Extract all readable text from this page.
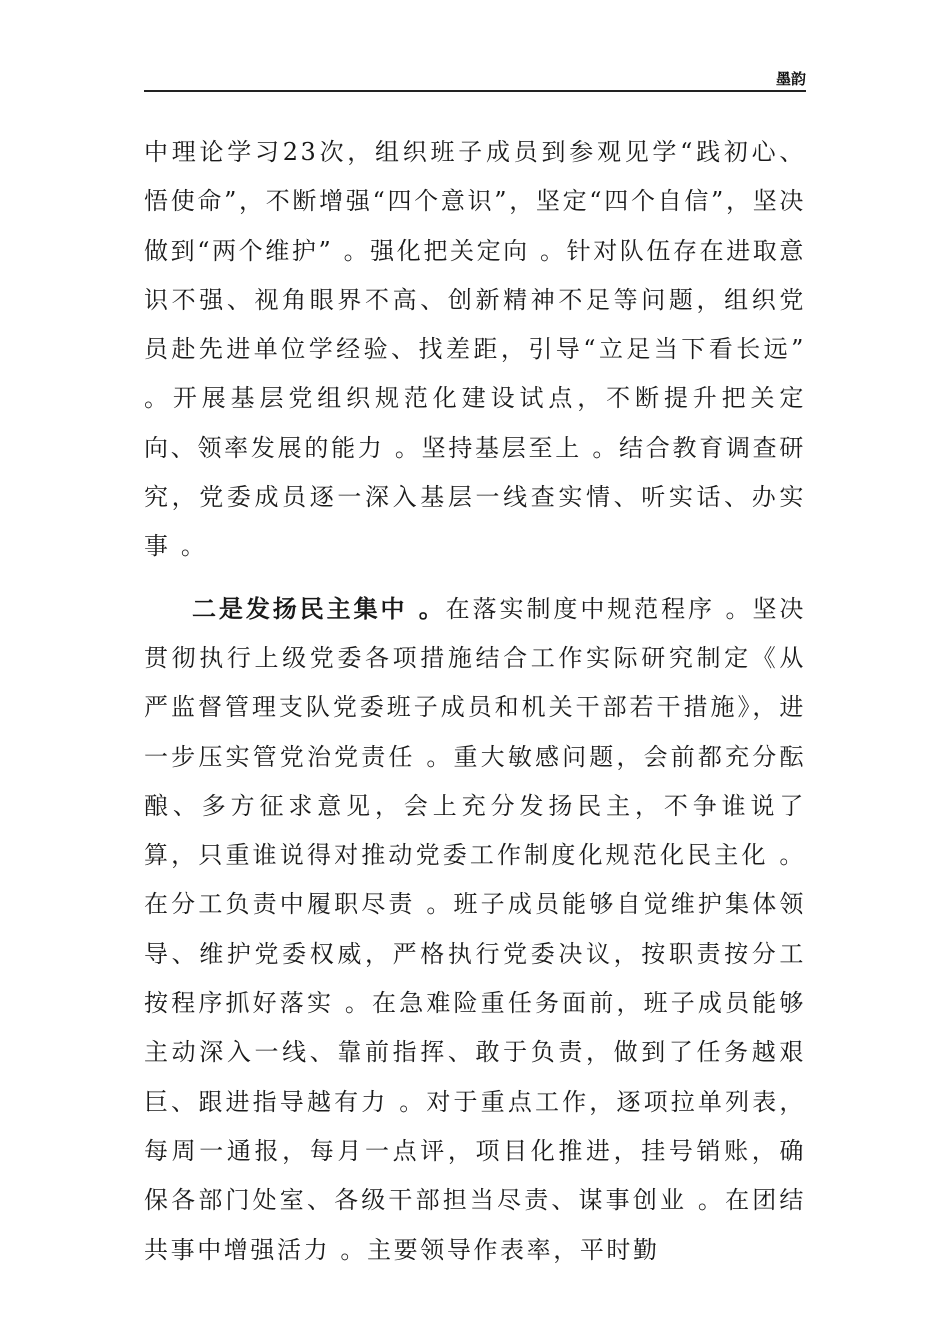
墨韵

中理论学习23次，组织班子成员到参观见学“践初心、悟使命”，不断增强“四个意识”，坚定“四个自信”，坚决做到“两个维护” 。强化把关定向 。针对队伍存在进取意识不强、视角眼界不高、创新精神不足等问题，组织党员赴先进单位学经验、找差距，引导“立足当下看长远” 。开展基层党组织规范化建设试点，不断提升把关定向、领率发展的能力 。坚持基层至上 。结合教育调查研究，党委成员逐一深入基层一线查实情、听实话、办实事 。

二是发扬民主集中 。在落实制度中规范程序 。坚决贯彻执行上级党委各项措施结合工作实际研究制定《从严监督管理支队党委班子成员和机关干部若干措施》，进一步压实管党治党责任 。重大敏感问题，会前都充分酝酿、多方征求意见，会上充分发扬民主，不争谁说了算，只重谁说得对推动党委工作制度化规范化民主化 。在分工负责中履职尽责 。班子成员能够自觉维护集体领导、维护党委权威，严格执行党委决议，按职责按分工按程序抓好落实 。在急难险重任务面前，班子成员能够主动深入一线、靠前指挥、敢于负责，做到了任务越艰巨、跟进指导越有力 。对于重点工作，逐项拉单列表，每周一通报，每月一点评，项目化推进，挂号销账，确保各部门处室、各级干部担当尽责、谋事创业 。在团结共事中增强活力 。主要领导作表率，平时勤
